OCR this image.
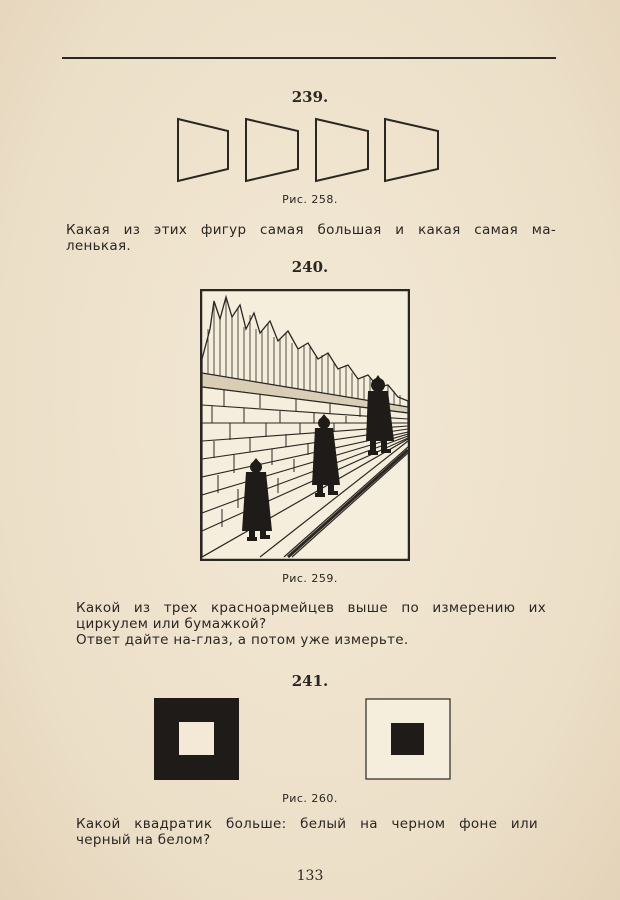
239.
Рис. 258.
Какая из этих фигур самая большая и какая самая ма-
ленькая.
240.
Рис. 259.
Какой из трех красноармейцев выше по измерению их
циркулем или бумажкой?
Ответ дайте на-глаз, а потом уже измерьте.
241.
Рис. 260.
Какой квадратик больше: белый на черном фоне или
черный на белом?
133
